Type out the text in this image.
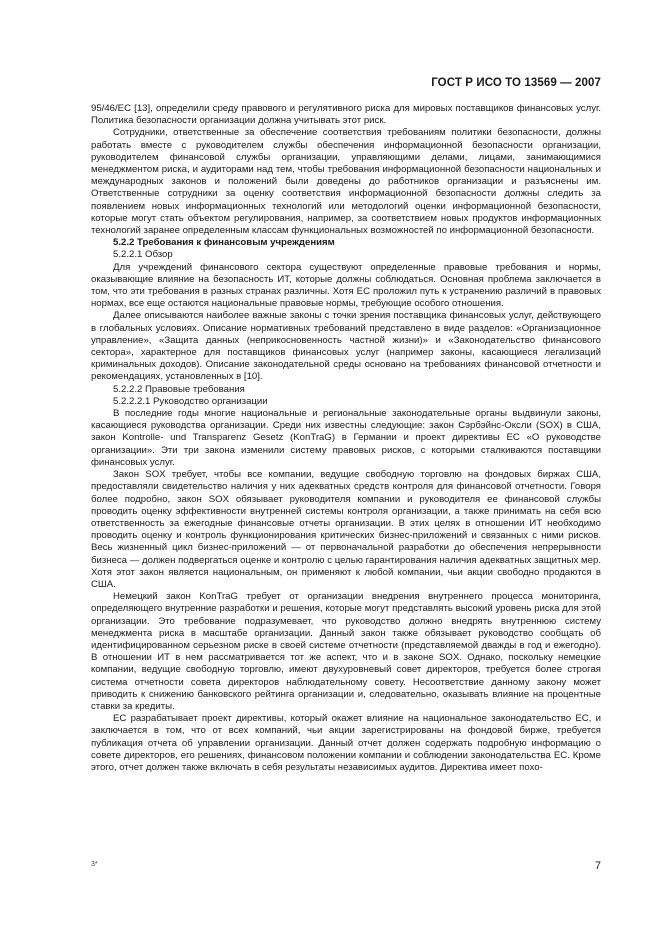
ГОСТ Р ИСО ТО 13569 — 2007

95/46/ЕС [13], определили среду правового и регулятивного риска для мировых поставщиков финансовых услуг. Политика безопасности организации должна учитывать этот риск.

Сотрудники, ответственные за обеспечение соответствия требованиям политики безопасности, должны работать вместе с руководителем службы обеспечения информационной безопасности организации, руководителем финансовой службы организации, управляющими делами, лицами, занимающимися менеджментом риска, и аудиторами над тем, чтобы требования информационной безопасности национальных и международных законов и положений были доведены до работников организации и разъяснены им. Ответственные сотрудники за оценку соответствия информационной безопасности должны следить за появлением новых информационных технологий или методологий оценки информационной безопасности, которые могут стать объектом регулирования, например, за соответствием новых продуктов информационных технологий заранее определенным классам функциональных возможностей по информационной безопасности.

5.2.2 Требования к финансовым учреждениям

5.2.2.1 Обзор

Для учреждений финансового сектора существуют определенные правовые требования и нормы, оказывающие влияние на безопасность ИТ, которые должны соблюдаться. Основная проблема заключается в том, что эти требования в разных странах различны. Хотя ЕС проложил путь к устранению различий в правовых нормах, все еще остаются национальные правовые нормы, требующие особого отношения.

Далее описываются наиболее важные законы с точки зрения поставщика финансовых услуг, действующего в глобальных условиях. Описание нормативных требований представлено в виде разделов: «Организационное управление», «Защита данных (неприкосновенность частной жизни)» и «Законодательство финансового сектора», характерное для поставщиков финансовых услуг (например законы, касающиеся легализаций криминальных доходов). Описание законодательной среды основано на требованиях финансовой отчетности и рекомендациях, установленных в [10].

5.2.2.2 Правовые требования

5.2.2.2.1 Руководство организации

В последние годы многие национальные и региональные законодательные органы выдвинули законы, касающиеся руководства организации. Среди них известны следующие: закон Сэрбэйнс-Оксли (SOX) в США, закон Kontrolle- und Transparenz Gesetz (KonTraG) в Германии и проект директивы ЕС «О руководстве организации». Эти три закона изменили систему правовых рисков, с которыми сталкиваются поставщики финансовых услуг.

Закон SOX требует, чтобы все компании, ведущие свободную торговлю на фондовых биржах США, предоставляли свидетельство наличия у них адекватных средств контроля для финансовой отчетности. Говоря более подробно, закон SOX обязывает руководителя компании и руководителя ее финансовой службы проводить оценку эффективности внутренней системы контроля организации, а также принимать на себя всю ответственность за ежегодные финансовые отчеты организации. В этих целях в отношении ИТ необходимо проводить оценку и контроль функционирования критических бизнес-приложений и связанных с ними рисков. Весь жизненный цикл бизнес-приложений — от первоначальной разработки до обеспечения непрерывности бизнеса — должен подвергаться оценке и контролю с целью гарантирования наличия адекватных защитных мер. Хотя этот закон является национальным, он применяют к любой компании, чьи акции свободно продаются в США.

Немецкий закон KonTraG требует от организации внедрения внутреннего процесса мониторинга, определяющего внутренние разработки и решения, которые могут представлять высокий уровень риска для этой организации. Это требование подразумевает, что руководство должно внедрять внутреннюю систему менеджмента риска в масштабе организации. Данный закон также обязывает руководство сообщать об идентифицированном серьезном риске в своей системе отчетности (представляемой дважды в год и ежегодно). В отношении ИТ в нем рассматривается тот же аспект, что и в законе SOX. Однако, поскольку немецкие компании, ведущие свободную торговлю, имеют двухуровневый совет директоров, требуется более строгая система отчетности совета директоров наблюдательному совету. Несоответствие данному закону может приводить к снижению банковского рейтинга организации и, следовательно, оказывать влияние на процентные ставки за кредиты.

ЕС разрабатывает проект директивы, который окажет влияние на национальное законодательство ЕС, и заключается в том, что от всех компаний, чьи акции зарегистрированы на фондовой бирже, требуется публикация отчета об управлении организации. Данный отчет должен содержать подробную информацию о совете директоров, его решениях, финансовом положении компании и соблюдении законодательства ЕС. Кроме этого, отчет должен также включать в себя результаты независимых аудитов. Директива имеет похо-

3*	7
